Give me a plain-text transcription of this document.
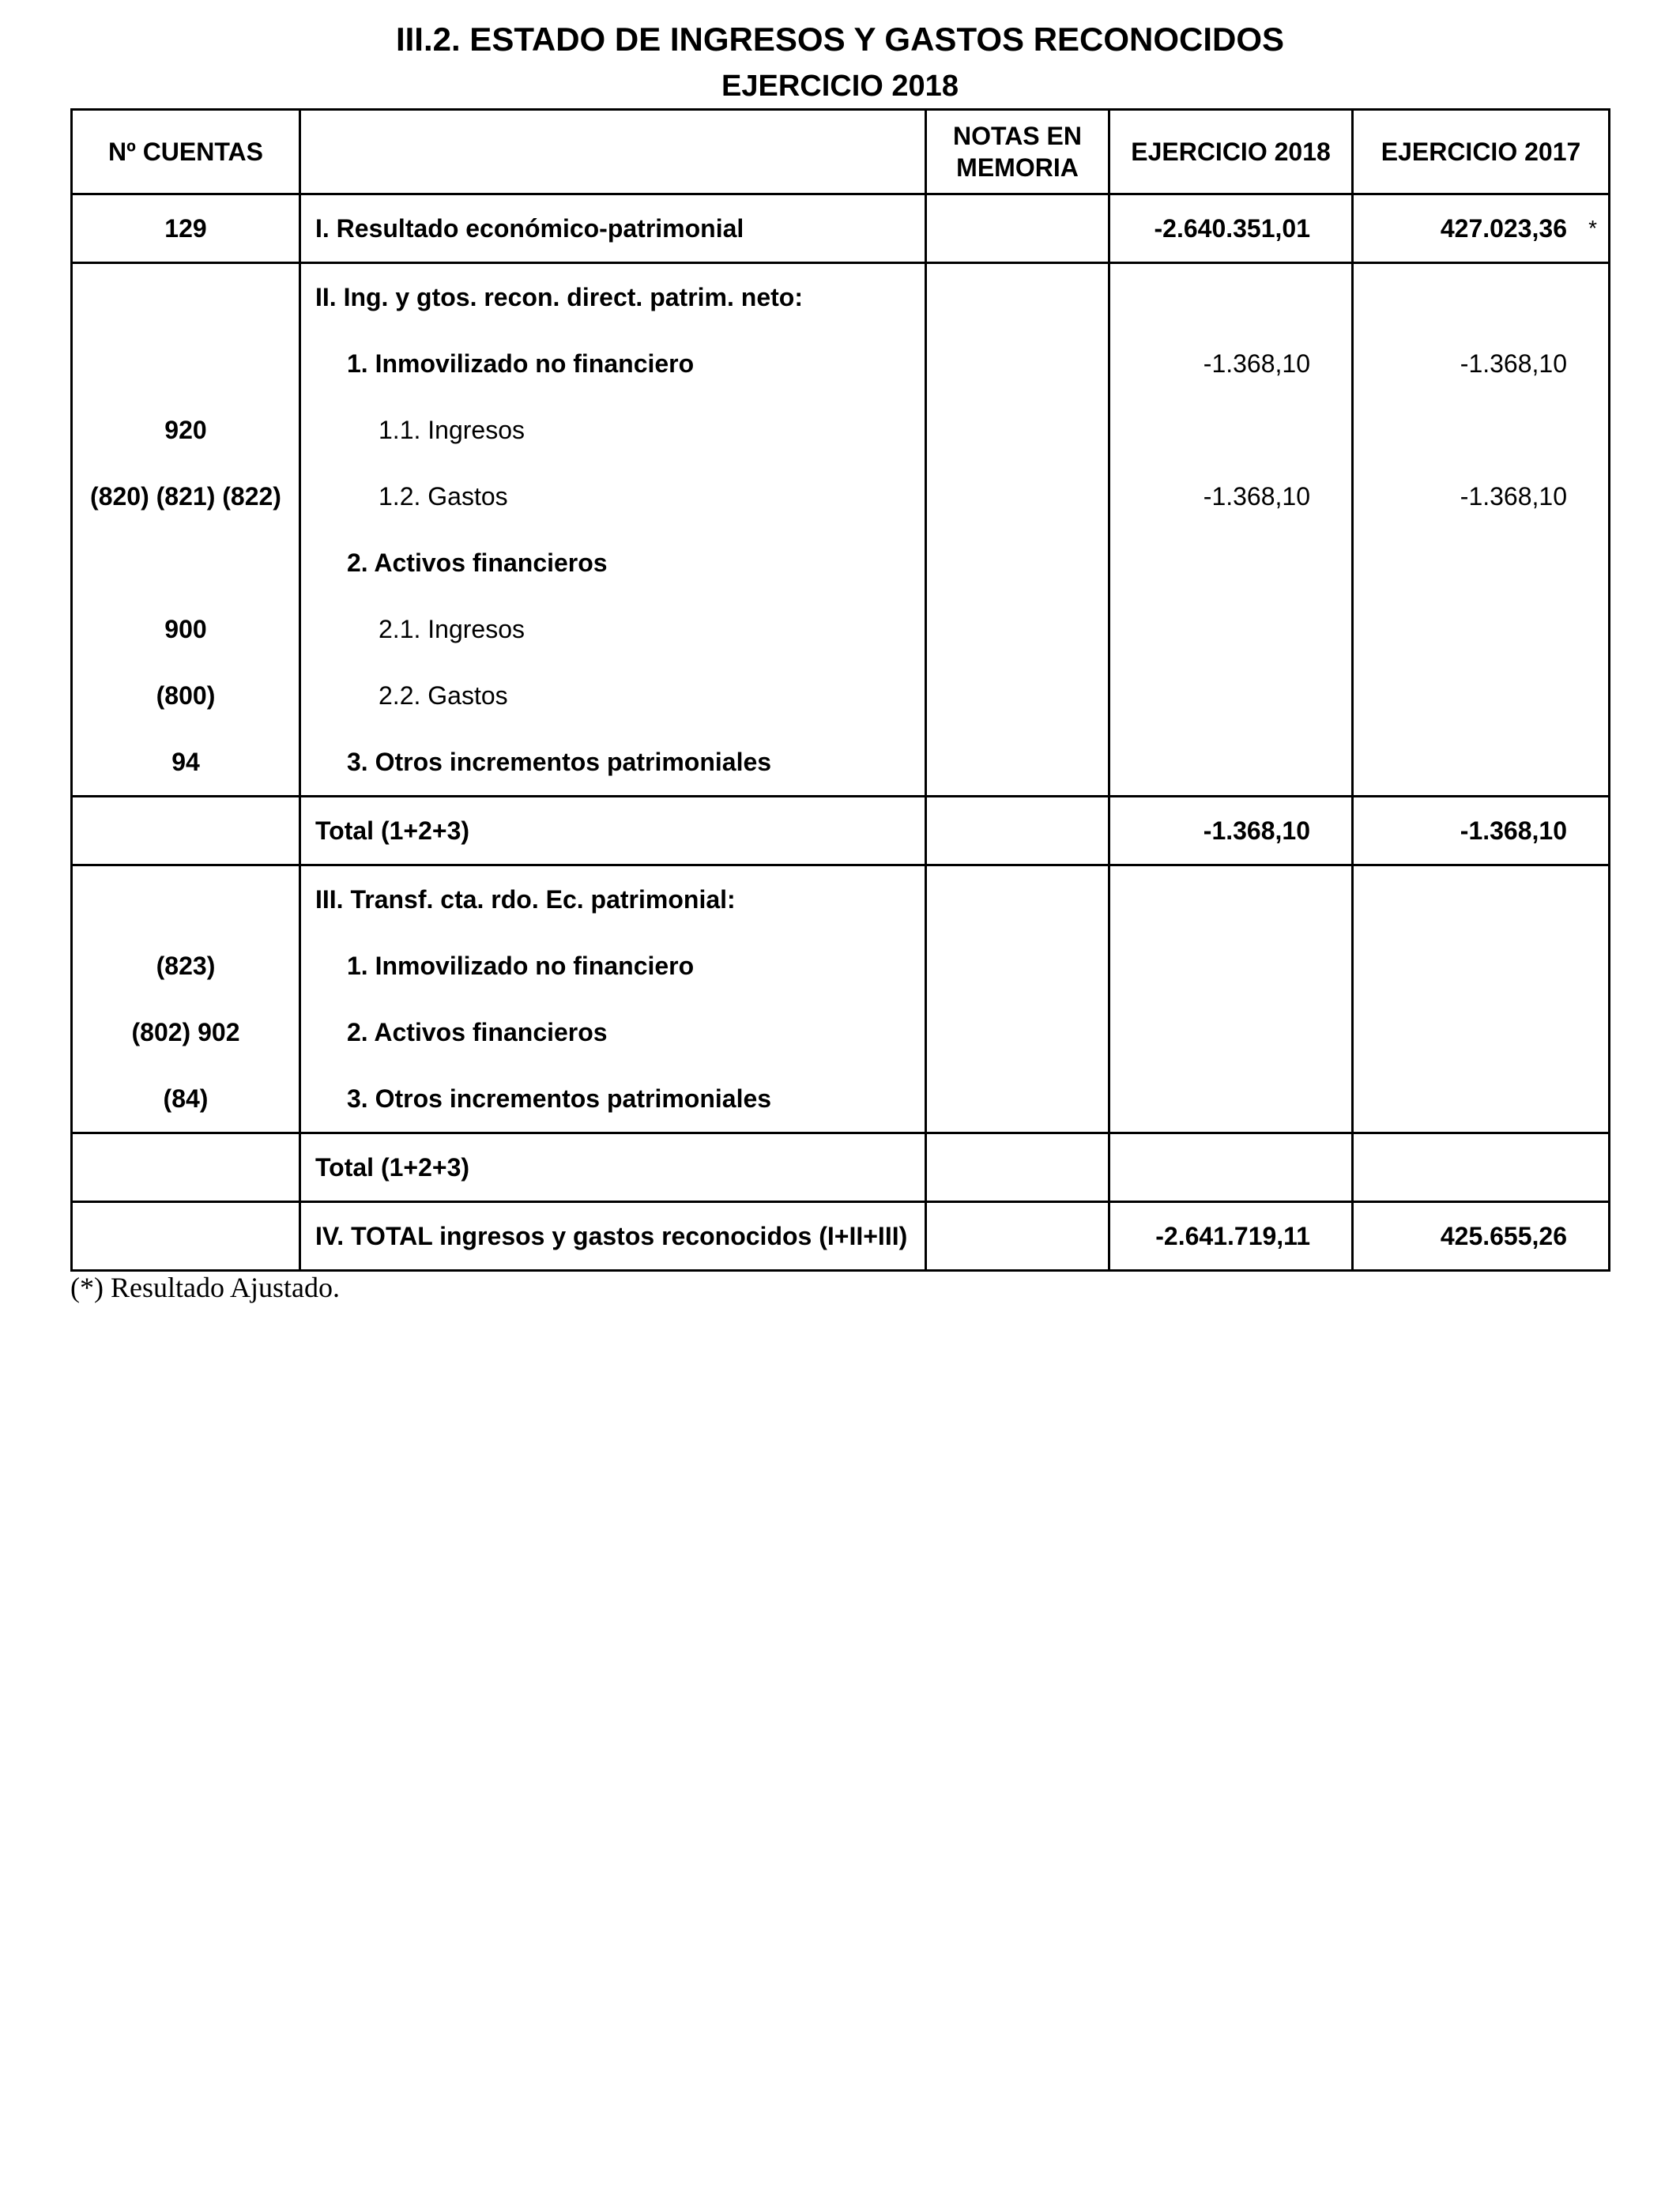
III.2. ESTADO DE INGRESOS Y GASTOS RECONOCIDOS
EJERCICIO 2018
Nº CUENTAS		NOTAS EN MEMORIA	EJERCICIO 2018	EJERCICIO 2017
129	I. Resultado económico-patrimonial		-2.640.351,01	427.023,36 *

	II. Ing. y gtos. recon. direct. patrim. neto:			
	1. Inmovilizado no financiero		-1.368,10	-1.368,10
920	1.1. Ingresos			
(820) (821) (822)	1.2. Gastos		-1.368,10	-1.368,10
	2. Activos financieros			
900	2.1. Ingresos			
(800)	2.2. Gastos			
94	3. Otros incrementos patrimoniales			
	Total (1+2+3)		-1.368,10	-1.368,10
	III. Transf. cta. rdo. Ec. patrimonial:			
(823)	1. Inmovilizado no financiero			
(802) 902	2. Activos financieros			
(84)	3. Otros incrementos patrimoniales			
	Total (1+2+3)			
	IV. TOTAL ingresos y gastos reconocidos (I+II+III)		-2.641.719,11	425.655,26
(*) Resultado Ajustado.
